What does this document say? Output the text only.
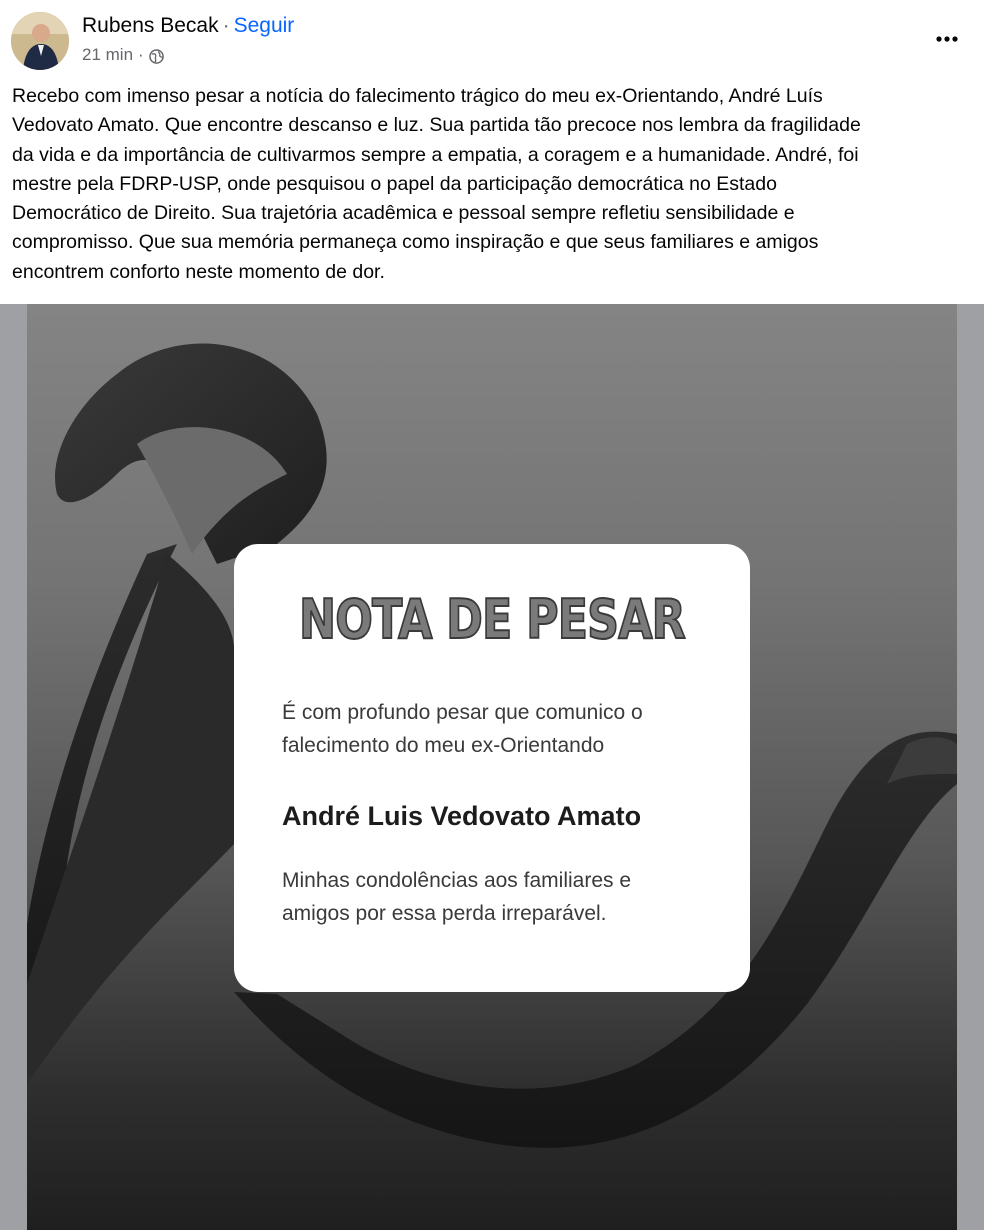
Rubens Becak · Seguir
21 min ·
Recebo com imenso pesar a notícia do falecimento trágico do meu ex-Orientando, André Luís
Vedovato Amato. Que encontre descanso e luz. Sua partida tão precoce nos lembra da fragilidade
da vida e da importância de cultivarmos sempre a empatia, a coragem e a humanidade. André, foi
mestre pela FDRP-USP, onde pesquisou o papel da participação democrática no Estado
Democrático de Direito. Sua trajetória acadêmica e pessoal sempre refletiu sensibilidade e
compromisso. Que sua memória permaneça como inspiração e que seus familiares e amigos
encontrem conforto neste momento de dor.
NOTA DE PESAR
É com profundo pesar que comunico o
falecimento do meu ex-Orientando
André Luis Vedovato Amato
Minhas condolências aos familiares e
amigos por essa perda irreparável.
